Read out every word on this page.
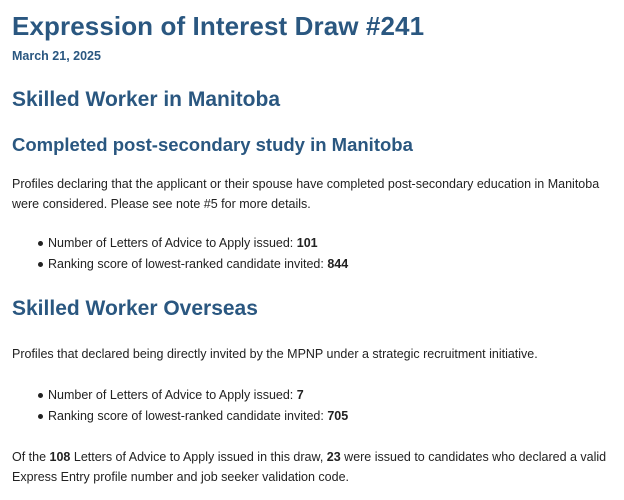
Expression of Interest Draw #241
March 21, 2025
Skilled Worker in Manitoba
Completed post-secondary study in Manitoba

Profiles declaring that the applicant or their spouse have completed post-secondary education in Manitoba were considered. Please see note #5 for more details.

Number of Letters of Advice to Apply issued: 101
Ranking score of lowest-ranked candidate invited: 844
Skilled Worker Overseas

Profiles that declared being directly invited by the MPNP under a strategic recruitment initiative.

Number of Letters of Advice to Apply issued: 7
Ranking score of lowest-ranked candidate invited: 705

Of the 108 Letters of Advice to Apply issued in this draw, 23 were issued to candidates who declared a valid Express Entry profile number and job seeker validation code.
